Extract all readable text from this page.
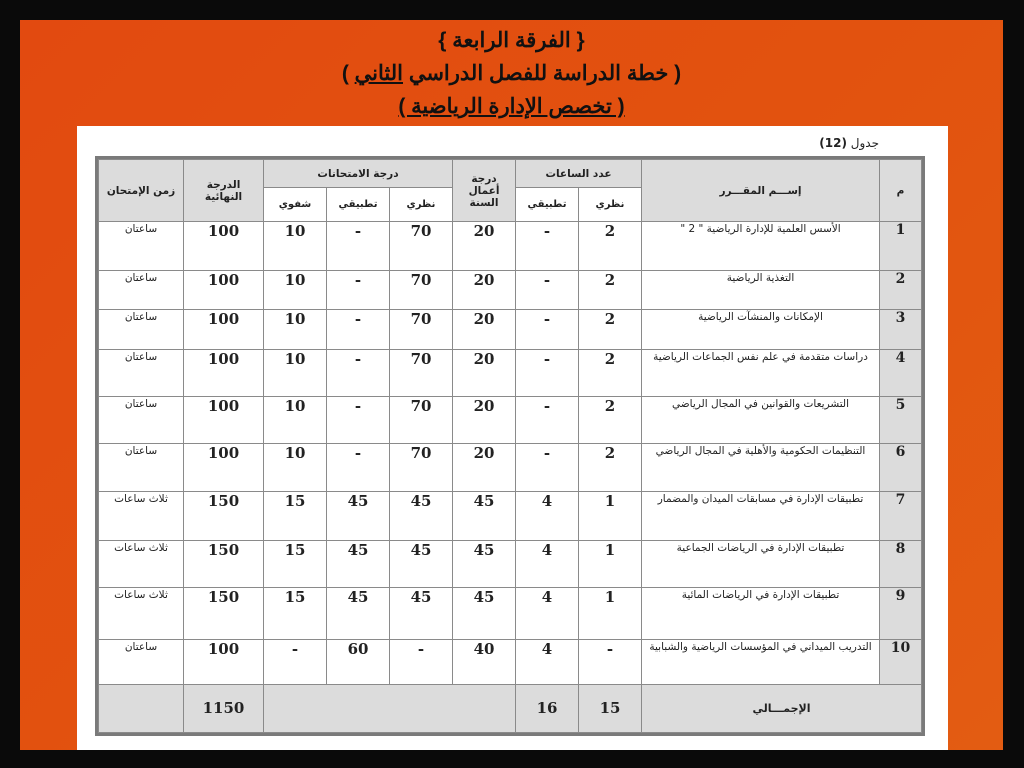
{ الفرقة الرابعة }
( خطة الدراسة للفصل الدراسي الثاني )
( تخصص الإدارة الرياضية )
جدول (12)
م	إســـم المقـــرر	عدد الساعات		درجة أعمال السنة	درجة الامتحانات			الدرجة النهائية	زمن الإمتحان
		نظري	تطبيقي		نظري	تطبيقي	شفوي		
1	الأسس العلمية للإدارة الرياضية " 2 "	2	-	20	70	-	10	100	ساعتان
2	التغذية الرياضية	2	-	20	70	-	10	100	ساعتان
3	الإمكانات والمنشآت الرياضية	2	-	20	70	-	10	100	ساعتان
4	دراسات متقدمة في علم نفس الجماعات الرياضية	2	-	20	70	-	10	100	ساعتان
5	التشريعات والقوانين في المجال الرياضي	2	-	20	70	-	10	100	ساعتان
6	التنظيمات الحكومية والأهلية في المجال الرياضي	2	-	20	70	-	10	100	ساعتان
7	تطبيقات الإدارة في مسابقات الميدان والمضمار	1	4	45	45	45	15	150	ثلاث ساعات
8	تطبيقات الإدارة في الرياضات الجماعية	1	4	45	45	45	15	150	ثلاث ساعات
9	تطبيقات الإدارة في الرياضات المائية	1	4	45	45	45	15	150	ثلاث ساعات
10	التدريب الميداني في المؤسسات الرياضية والشبابية	-	4	40	-	60	-	100	ساعتان
الإجمـــالي		15	16					1150	
